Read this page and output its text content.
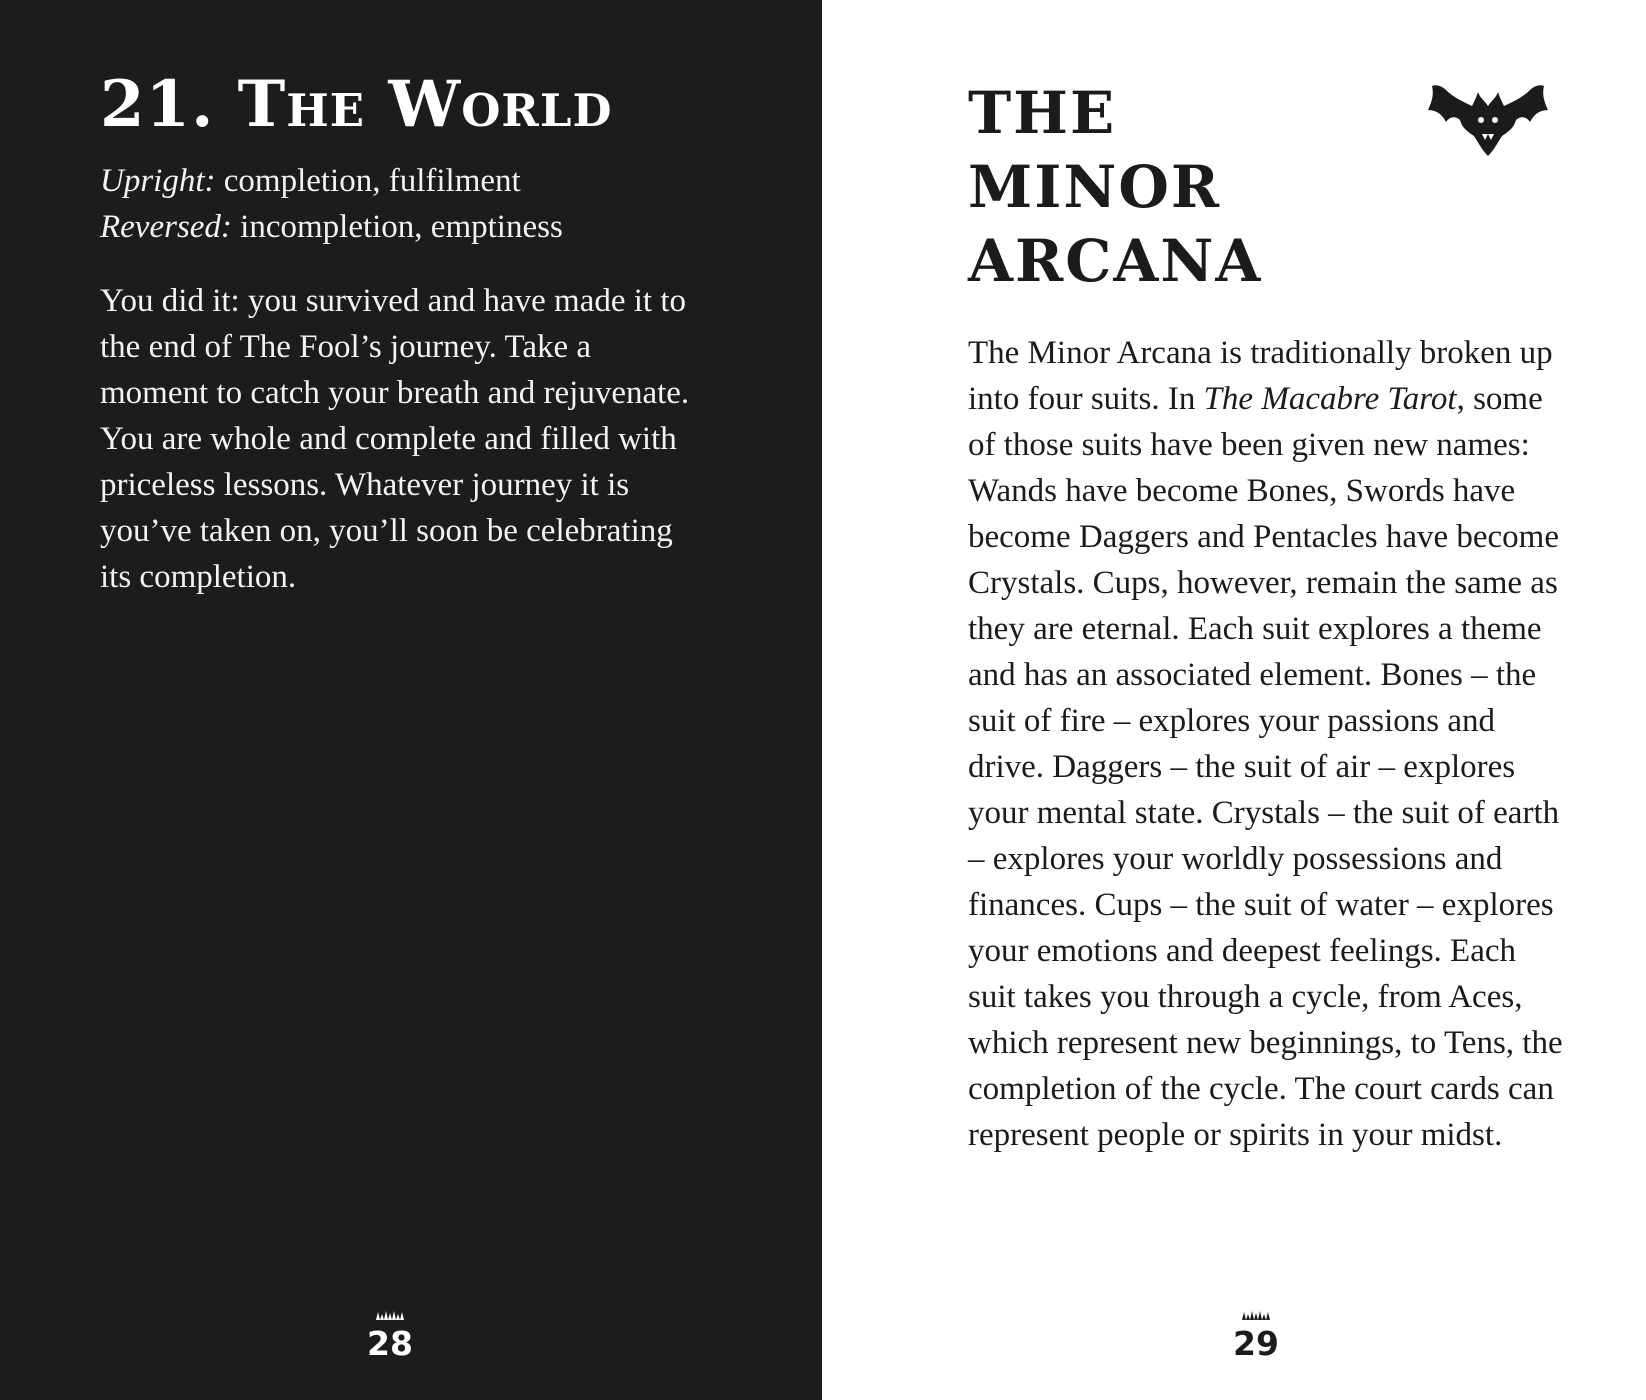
21. The World
Upright: completion, fulfilment
Reversed: incompletion, emptiness

You did it: you survived and have made it to the end of The Fool’s journey. Take a moment to catch your breath and rejuvenate. You are whole and complete and filled with priceless lessons. Whatever journey it is you’ve taken on, you’ll soon be celebrating its completion.

28
THE MINOR ARCANA

The Minor Arcana is traditionally broken up into four suits. In The Macabre Tarot, some of those suits have been given new names: Wands have become Bones, Swords have become Daggers and Pentacles have become Crystals. Cups, however, remain the same as they are eternal. Each suit explores a theme and has an associated element. Bones – the suit of fire – explores your passions and drive. Daggers – the suit of air – explores your mental state. Crystals – the suit of earth – explores your worldly possessions and finances. Cups – the suit of water – explores your emotions and deepest feelings. Each suit takes you through a cycle, from Aces, which represent new beginnings, to Tens, the completion of the cycle. The court cards can represent people or spirits in your midst.

29
